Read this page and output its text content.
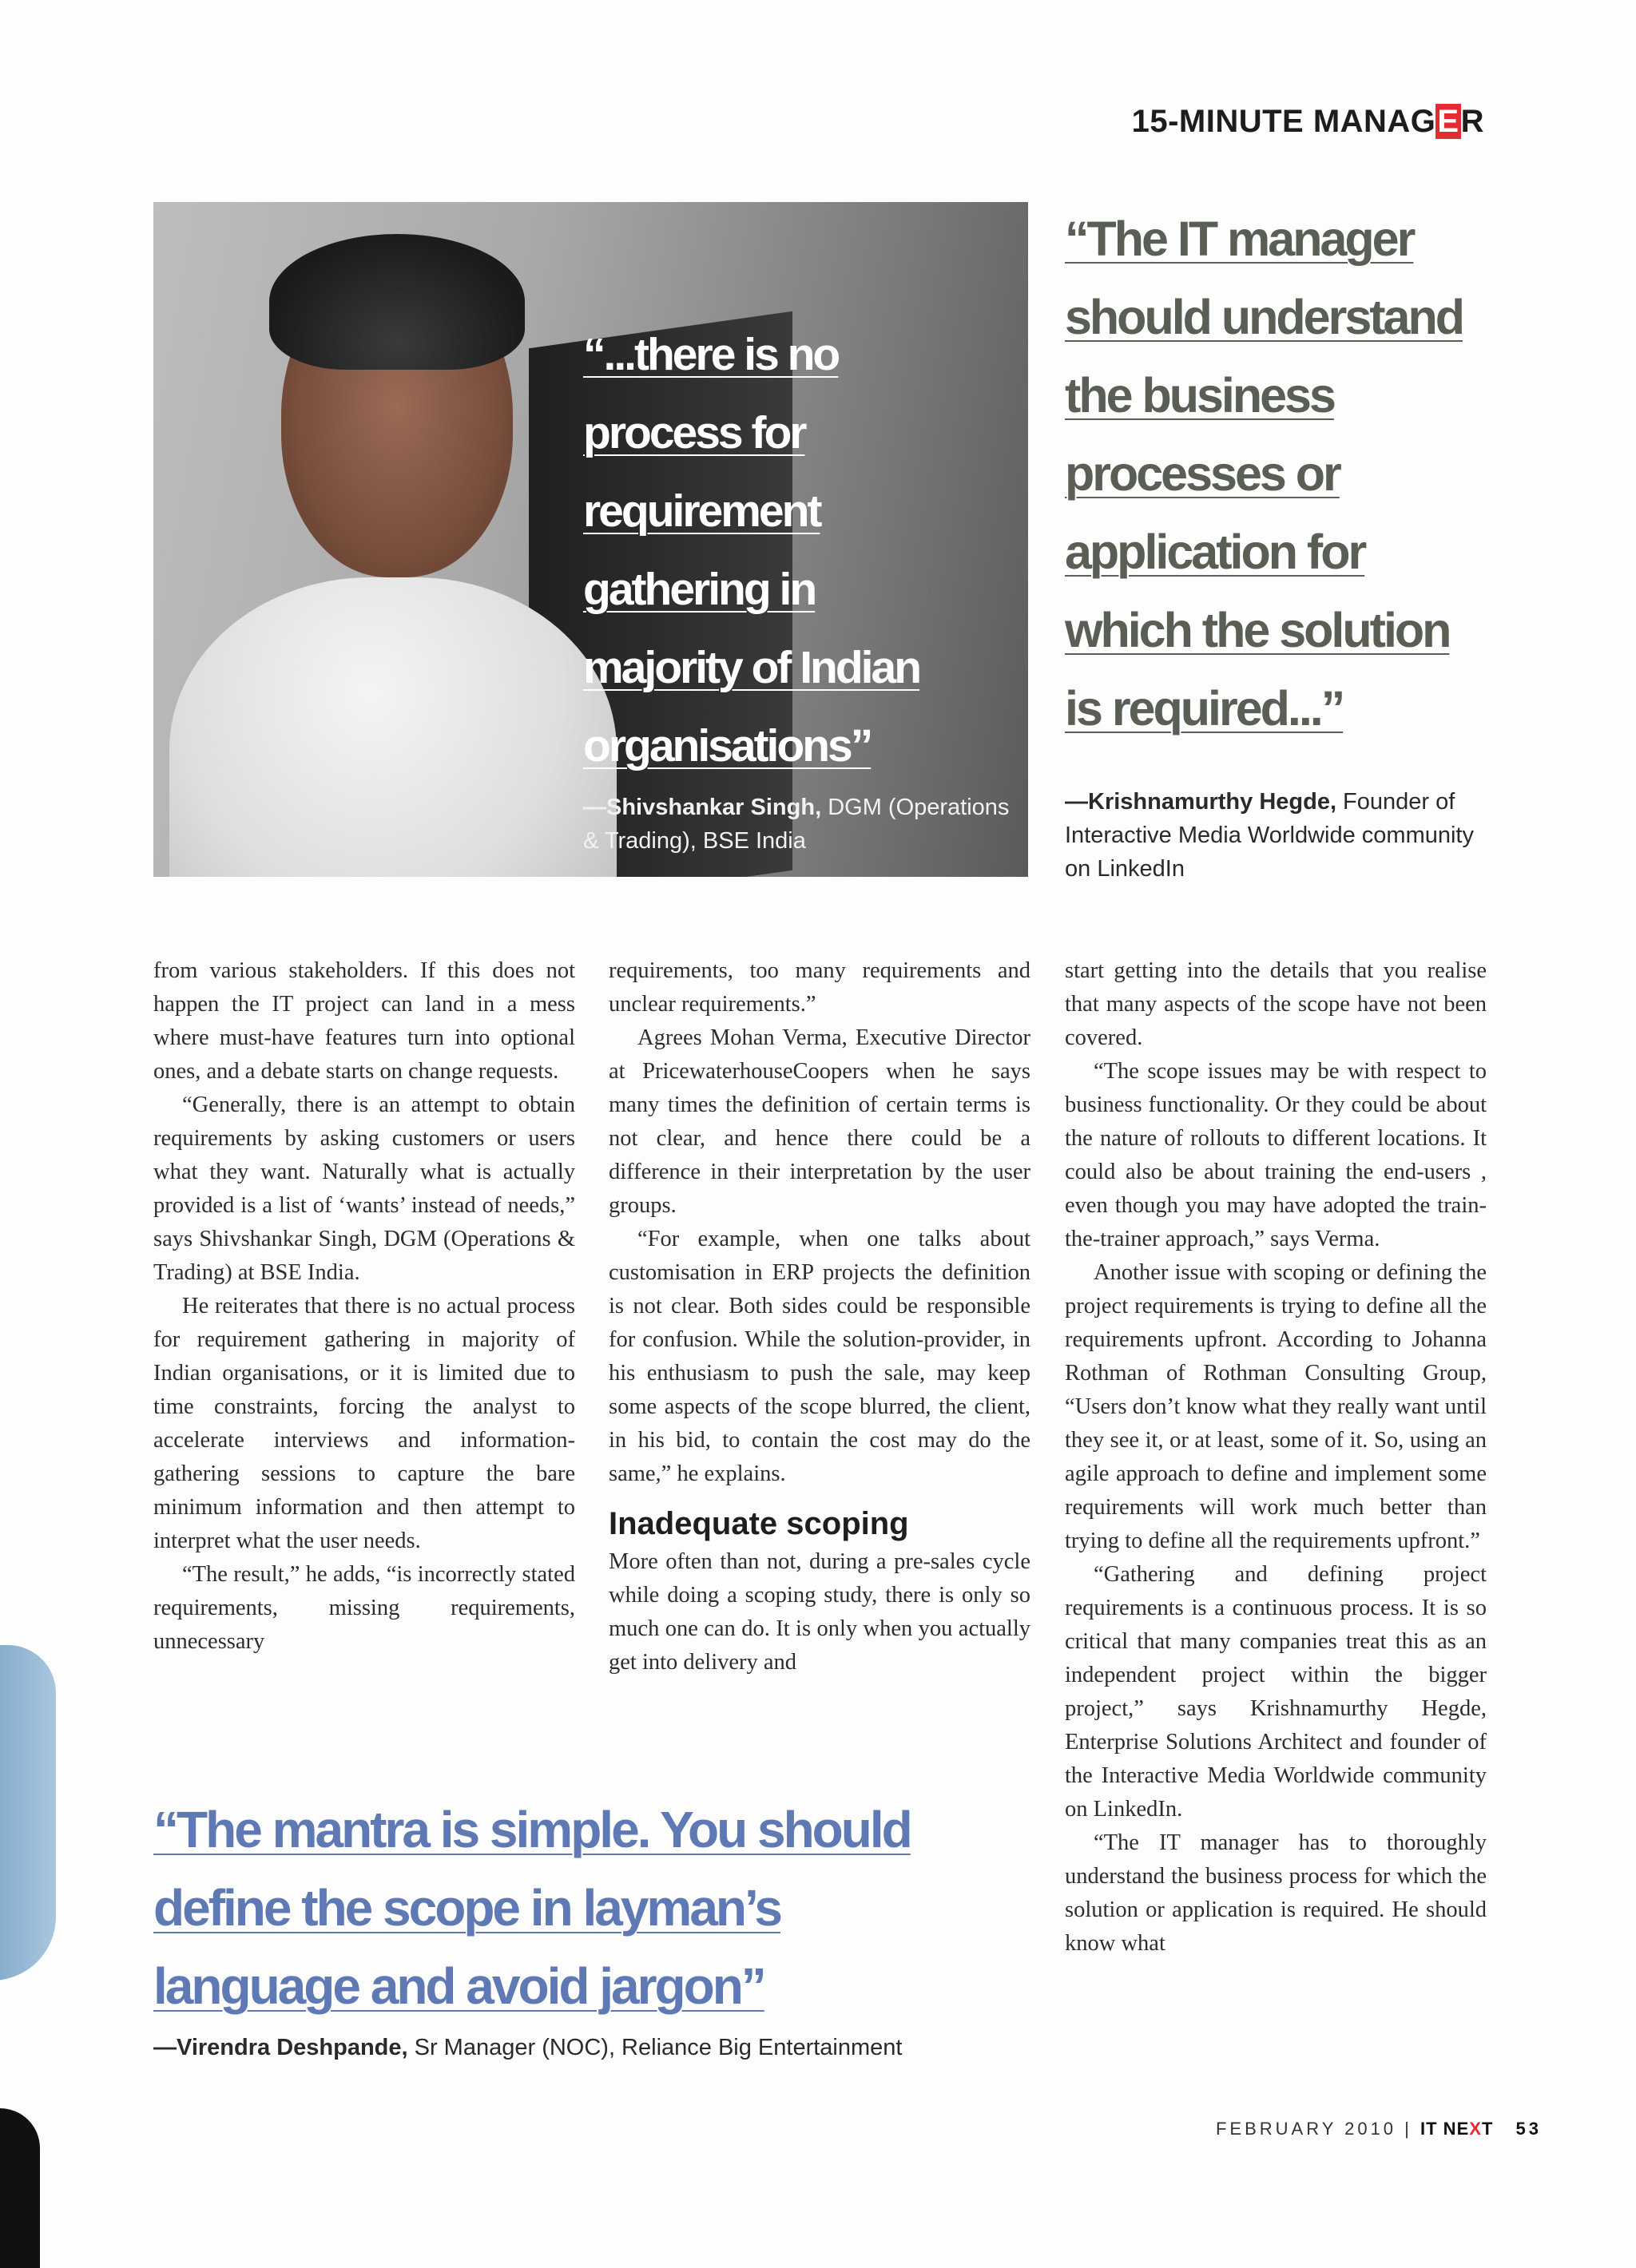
15-MINUTE MANAGER
“...there is no
process for
requirement
gathering in
majority of Indian
organisations”
—Shivshankar Singh, DGM (Operations & Trading), BSE India
“The IT manager
should understand
the business
processes or
application for
which the solution
is required...”
—Krishnamurthy Hegde, Founder of Interactive Media Worldwide community on LinkedIn

from various stakeholders. If this does not happen the IT project can land in a mess where must-have features turn into optional ones, and a debate starts on change requests.

“Generally, there is an attempt to obtain requirements by asking customers or users what they want. Naturally what is actually provided is a list of ‘wants’ instead of needs,” says Shivshankar Singh, DGM (Operations & Trading) at BSE India.

He reiterates that there is no actual process for requirement gathering in majority of Indian organisations, or it is limited due to time constraints, forcing the analyst to accelerate interviews and information-gathering sessions to capture the bare minimum information and then attempt to interpret what the user needs.

“The result,” he adds, “is incorrectly stated requirements, missing requirements, unnecessary

requirements, too many requirements and unclear requirements.”

Agrees Mohan Verma, Executive Director at PricewaterhouseCoopers when he says many times the definition of certain terms is not clear, and hence there could be a difference in their interpretation by the user groups.

“For example, when one talks about customisation in ERP projects the definition is not clear. Both sides could be responsible for confusion. While the solution-provider, in his enthusiasm to push the sale, may keep some aspects of the scope blurred, the client, in his bid, to contain the cost may do the same,” he explains.

Inadequate scoping

More often than not, during a pre-sales cycle while doing a scoping study, there is only so much one can do. It is only when you actually get into delivery and

start getting into the details that you realise that many aspects of the scope have not been covered.

“The scope issues may be with respect to business functionality. Or they could be about the nature of rollouts to different locations. It could also be about training the end-users , even though you may have adopted the train-the-trainer approach,” says Verma.

Another issue with scoping or defining the project requirements is trying to define all the requirements upfront. According to Johanna Rothman of Rothman Consulting Group, “Users don’t know what they really want until they see it, or at least, some of it. So, using an agile approach to define and implement some requirements will work much better than trying to define all the requirements upfront.”

“Gathering and defining project requirements is a continuous process. It is so critical that many companies treat this as an independent project within the bigger project,” says Krishnamurthy Hegde, Enterprise Solutions Architect and founder of the Interactive Media Worldwide community on LinkedIn.

“The IT manager has to thoroughly understand the business process for which the solution or application is required. He should know what

“The mantra is simple. You should
define the scope in layman’s
language and avoid jargon”
—Virendra Deshpande, Sr Manager (NOC), Reliance Big Entertainment
FEBRUARY 2010 | IT NEXT 53
